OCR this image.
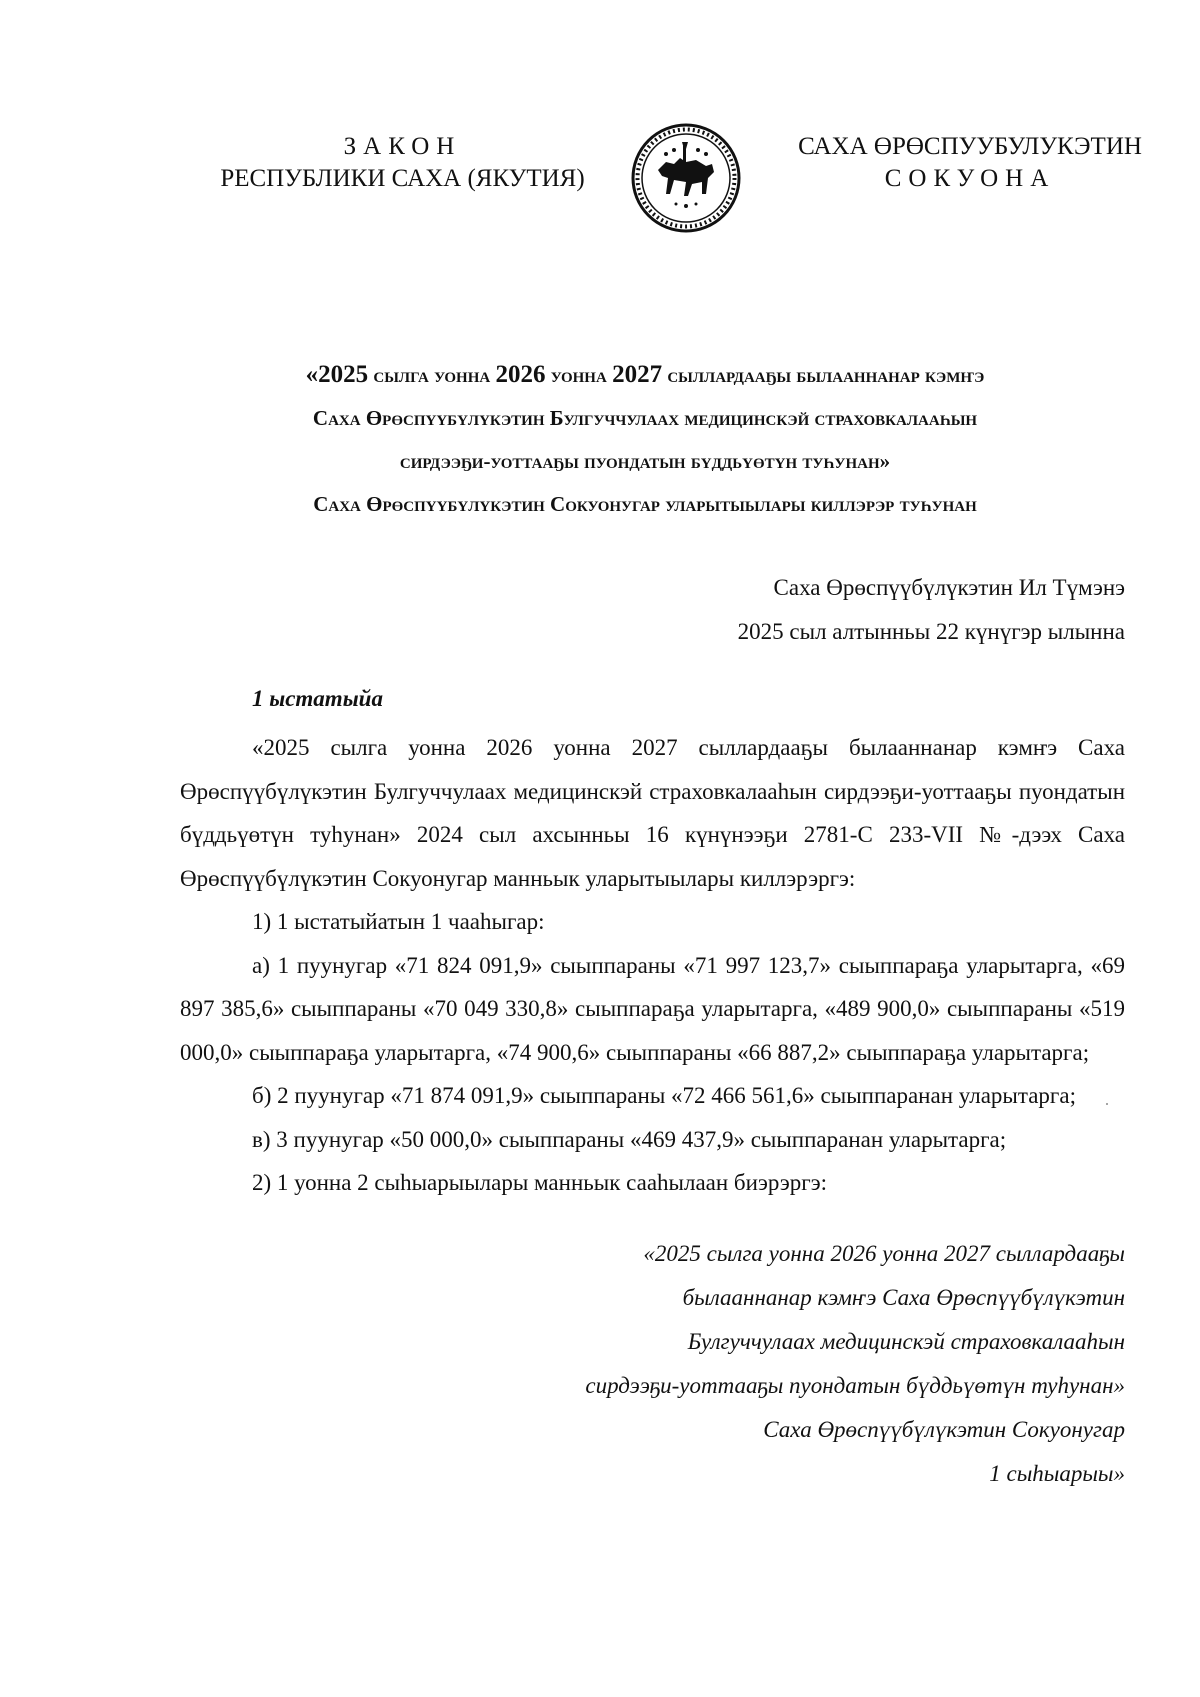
ЗАКОН
РЕСПУБЛИКИ САХА (ЯКУТИЯ)
САХА ӨРӨСПУУБУЛУКЭТИН
СОКУОНА
«2025 сылга уонна 2026 уонна 2027 сыллардааҕы былааннанар кэмҥэ
Саха Өрөспүүбүлүкэтин Булгуччулаах медицинскэй страховкалааһын
сирдээҕи-уоттааҕы пуондатын бүддьүөтүн туһунан»
Саха Өрөспүүбүлүкэтин Сокуонугар уларытыылары киллэрэр туһунан
Саха Өрөспүүбүлүкэтин Ил Түмэнэ
2025 сыл алтынньы 22 күнүгэр ылынна
1 ыстатыйа

«2025 сылга уонна 2026 уонна 2027 сыллардааҕы былааннанар кэмҥэ Саха Өрөспүүбүлүкэтин Булгуччулаах медицинскэй страховкалааһын сирдээҕи-уоттааҕы пуондатын бүддьүөтүн туһунан» 2024 сыл ахсынньы 16 күнүнээҕи 2781-С 233-VII №-дээх Саха Өрөспүүбүлүкэтин Сокуонугар манньык уларытыылары киллэрэргэ:

1) 1 ыстатыйатын 1 чааһыгар:

а) 1 пуунугар «71 824 091,9» сыыппараны «71 997 123,7» сыыппараҕа уларытарга, «69 897 385,6» сыыппараны «70 049 330,8» сыыппараҕа уларытарга, «489 900,0» сыыппараны «519 000,0» сыыппараҕа уларытарга, «74 900,6» сыыппараны «66 887,2» сыыппараҕа уларытарга;

б) 2 пуунугар «71 874 091,9» сыыппараны «72 466 561,6» сыыппаранан уларытарга;

в) 3 пуунугар «50 000,0» сыыппараны «469 437,9» сыыппаранан уларытарга;

2) 1 уонна 2 сыһыарыылары манньык сааһылаан биэрэргэ:

«2025 сылга уонна 2026 уонна 2027 сыллардааҕы
былааннанар кэмҥэ Саха Өрөспүүбүлүкэтин
Булгуччулаах медицинскэй страховкалааһын
сирдээҕи-уоттааҕы пуондатын бүддьүөтүн туһунан»
Саха Өрөспүүбүлүкэтин Сокуонугар
1 сыһыарыы»
